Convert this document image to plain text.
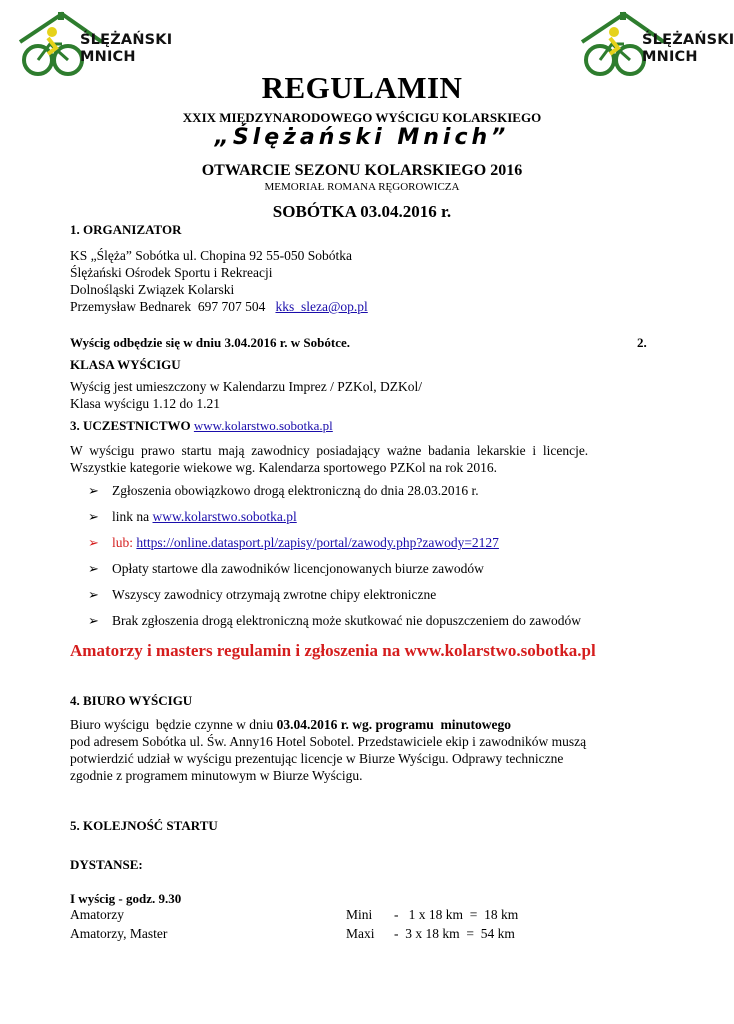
ŚLĘŻAŃSKI
MNICH
ŚLĘŻAŃSKI
MNICH
REGULAMIN
XXIX MIĘDZYNARODOWEGO WYŚCIGU KOLARSKIEGO
„Ślężański Mnich”
OTWARCIE SEZONU KOLARSKIEGO 2016
MEMORIAŁ ROMANA RĘGOROWICZA
SOBÓTKA 03.04.2016 r.
1. ORGANIZATOR
KS „Ślęża” Sobótka ul. Chopina 92 55-050 Sobótka
Ślężański Ośrodek Sportu i Rekreacji
Dolnośląski Związek Kolarski
Przemysław Bednarek  697 707 504   kks_sleza@op.pl
Wyścig odbędzie się w dniu 3.04.2016 r. w Sobótce.	2.
KLASA WYŚCIGU
Wyścig jest umieszczony w Kalendarzu Imprez / PZKol, DZKol/
Klasa wyścigu 1.12 do 1.21
3. UCZESTNICTWO www.kolarstwo.sobotka.pl
W  wyścigu  prawo  startu  mają  zawodnicy  posiadający  ważne  badania  lekarskie  i  licencje.
Wszystkie kategorie wiekowe wg. Kalendarza sportowego PZKol na rok 2016.
➢ Zgłoszenia obowiązkowo drogą elektroniczną do dnia 28.03.2016 r.
➢ link na www.kolarstwo.sobotka.pl
➢ lub: https://online.datasport.pl/zapisy/portal/zawody.php?zawody=2127
➢ Opłaty startowe dla zawodników licencjonowanych biurze zawodów
➢ Wszyscy zawodnicy otrzymają zwrotne chipy elektroniczne
➢ Brak zgłoszenia drogą elektroniczną może skutkować nie dopuszczeniem do zawodów
Amatorzy i masters regulamin i zgłoszenia na www.kolarstwo.sobotka.pl
4. BIURO WYŚCIGU
Biuro wyścigu  będzie czynne w dniu 03.04.2016 r. wg. programu  minutowego
pod adresem Sobótka ul. Św. Anny16 Hotel Sobotel. Przedstawiciele ekip i zawodników muszą
potwierdzić udział w wyścigu prezentując licencje w Biurze Wyścigu. Odprawy techniczne
zgodnie z programem minutowym w Biurze Wyścigu.
5. KOLEJNOŚĆ STARTU
DYSTANSE:
I wyścig - godz. 9.30
Amatorzy	Mini -   1 x 18 km  =  18 km
Amatorzy, Master	Maxi -  3 x 18 km  =  54 km
